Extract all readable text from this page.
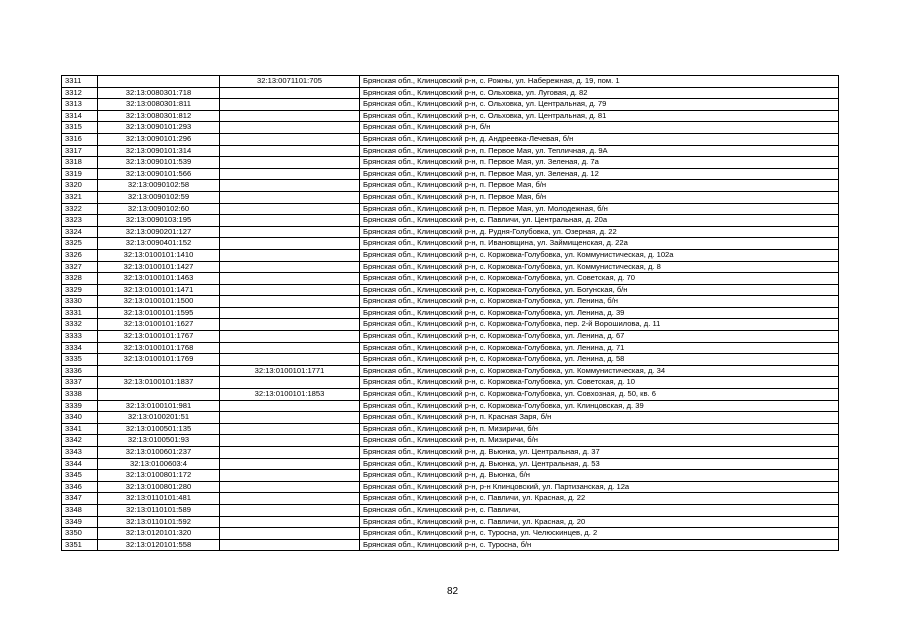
3311		32:13:0071101:705	Брянская обл., Клинцовский р-н, с. Рожны, ул. Набережная, д. 19, пом. 1
3312	32:13:0080301:718		Брянская обл., Клинцовский р-н, с. Ольховка, ул. Луговая, д. 82
3313	32:13:0080301:811		Брянская обл., Клинцовский р-н, с. Ольховка, ул. Центральная, д. 79
3314	32:13:0080301:812		Брянская обл., Клинцовский р-н, с. Ольховка, ул. Центральная, д. 81
3315	32:13:0090101:293		Брянская обл., Клинцовский р-н, б/н
3316	32:13:0090101:296		Брянская обл., Клинцовский р-н, д. Андреевка-Лечевая, б/н
3317	32:13:0090101:314		Брянская обл., Клинцовский р-н, п. Первое Мая, ул. Тепличная, д. 9А
3318	32:13:0090101:539		Брянская обл., Клинцовский р-н, п. Первое Мая, ул. Зеленая, д. 7а
3319	32:13:0090101:566		Брянская обл., Клинцовский р-н, п. Первое Мая, ул. Зеленая, д. 12
3320	32:13:0090102:58		Брянская обл., Клинцовский р-н, п. Первое Мая, б/н
3321	32:13:0090102:59		Брянская обл., Клинцовский р-н, п. Первое Мая, б/н
3322	32:13:0090102:60		Брянская обл., Клинцовский р-н, п. Первое Мая, ул. Молодежная, б/н
3323	32:13:0090103:195		Брянская обл., Клинцовский р-н, с. Павличи, ул. Центральная, д. 20а
3324	32:13:0090201:127		Брянская обл., Клинцовский р-н, д. Рудня-Голубовка, ул. Озерная, д. 22
3325	32:13:0090401:152		Брянская обл., Клинцовский р-н, п. Ивановщина, ул. Займищенская, д. 22а
3326	32:13:0100101:1410		Брянская обл., Клинцовский р-н, с. Коржовка-Голубовка, ул. Коммунистическая, д. 102а
3327	32:13:0100101:1427		Брянская обл., Клинцовский р-н, с. Коржовка-Голубовка, ул. Коммунистическая, д. 8
3328	32:13:0100101:1463		Брянская обл., Клинцовский р-н, с. Коржовка-Голубовка, ул. Советская, д. 70
3329	32:13:0100101:1471		Брянская обл., Клинцовский р-н, с. Коржовка-Голубовка, ул. Богунская, б/н
3330	32:13:0100101:1500		Брянская обл., Клинцовский р-н, с. Коржовка-Голубовка, ул. Ленина, б/н
3331	32:13:0100101:1595		Брянская обл., Клинцовский р-н, с. Коржовка-Голубовка, ул. Ленина, д. 39
3332	32:13:0100101:1627		Брянская обл., Клинцовский р-н, с. Коржовка-Голубовка, пер. 2-й Ворошилова, д. 11
3333	32:13:0100101:1767		Брянская обл., Клинцовский р-н, с. Коржовка-Голубовка, ул. Ленина, д. 67
3334	32:13:0100101:1768		Брянская обл., Клинцовский р-н, с. Коржовка-Голубовка, ул. Ленина, д. 71
3335	32:13:0100101:1769		Брянская обл., Клинцовский р-н, с. Коржовка-Голубовка, ул. Ленина, д. 58
3336		32:13:0100101:1771	Брянская обл., Клинцовский р-н, с. Коржовка-Голубовка, ул. Коммунистическая, д. 34
3337	32:13:0100101:1837		Брянская обл., Клинцовский р-н, с. Коржовка-Голубовка, ул. Советская, д. 10
3338		32:13:0100101:1853	Брянская обл., Клинцовский р-н, с. Коржовка-Голубовка, ул. Совхозная, д. 50, кв. 6
3339	32:13:0100101:981		Брянская обл., Клинцовский р-н, с. Коржовка-Голубовка, ул. Клинцовская, д. 39
3340	32:13:0100201:51		Брянская обл., Клинцовский р-н, п. Красная Заря, б/н
3341	32:13:0100501:135		Брянская обл., Клинцовский р-н, п. Мизиричи, б/н
3342	32:13:0100501:93		Брянская обл., Клинцовский р-н, п. Мизиричи, б/н
3343	32:13:0100601:237		Брянская обл., Клинцовский р-н, д. Вьюнка, ул. Центральная, д. 37
3344	32:13:0100603:4		Брянская обл., Клинцовский р-н, д. Вьюнка, ул. Центральная, д. 53
3345	32:13:0100801:172		Брянская обл., Клинцовский р-н, д. Вьюнка, б/н
3346	32:13:0100801:280		Брянская обл., Клинцовский р-н, р-н Клинцовский, ул. Партизанская, д. 12а
3347	32:13:0110101:481		Брянская обл., Клинцовский р-н, с. Павличи, ул. Красная, д. 22
3348	32:13:0110101:589		Брянская обл., Клинцовский р-н, с. Павличи,
3349	32:13:0110101:592		Брянская обл., Клинцовский р-н, с. Павличи, ул. Красная, д. 20
3350	32:13:0120101:320		Брянская обл., Клинцовский р-н, с. Туросна, ул. Челюскинцев, д. 2
3351	32:13:0120101:558		Брянская обл., Клинцовский р-н, с. Туросна, б/н
82
